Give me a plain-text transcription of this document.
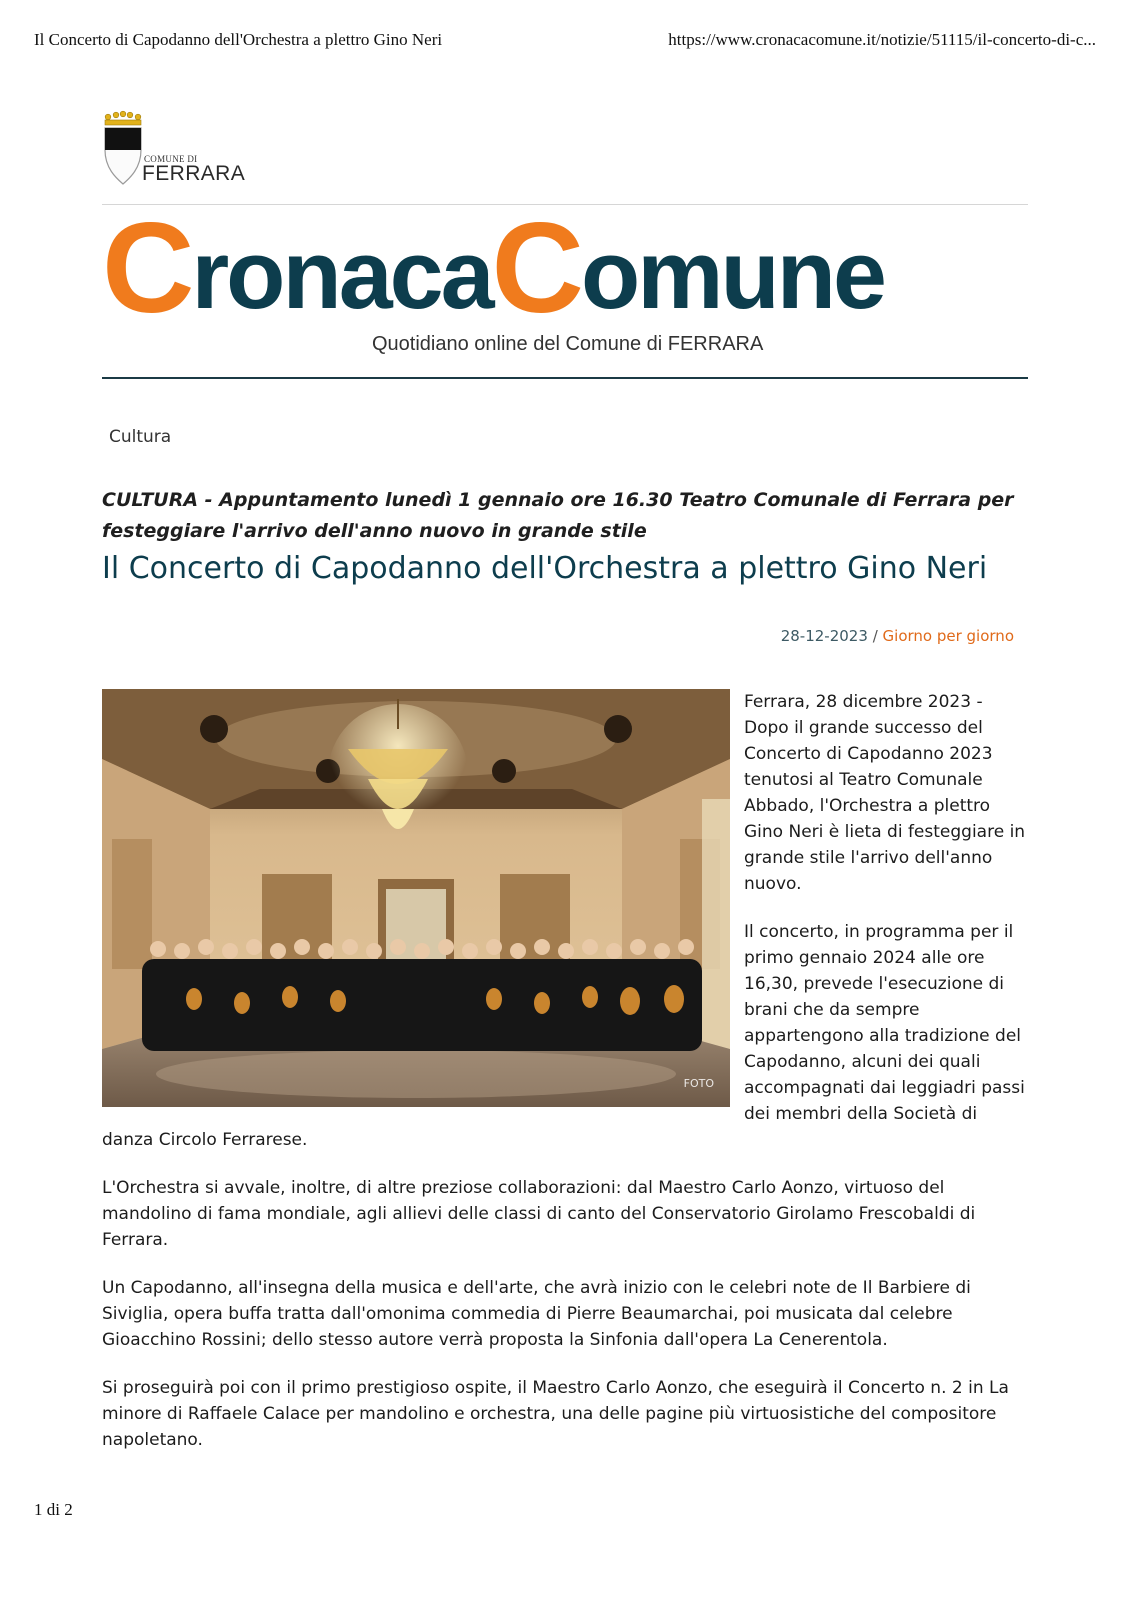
Il Concerto di Capodanno dell'Orchestra a plettro Gino Neri	https://www.cronacacomune.it/notizie/51115/il-concerto-di-c...
COMUNE DI
FERRARA
CronacaComune
Quotidiano online del Comune di FERRARA
Cultura
CULTURA - Appuntamento lunedì 1 gennaio ore 16.30 Teatro Comunale di Ferrara per festeggiare l'arrivo dell'anno nuovo in grande stile
Il Concerto di Capodanno dell'Orchestra a plettro Gino Neri
28-12-2023 / Giorno per giorno
FOTO

Ferrara, 28 dicembre 2023 - Dopo il grande successo del Concerto di Capodanno 2023 tenutosi al Teatro Comunale Abbado, l'Orchestra a plettro Gino Neri è lieta di festeggiare in grande stile l'arrivo dell'anno nuovo.

Il concerto, in programma per il primo gennaio 2024 alle ore 16,30, prevede l'esecuzione di brani che da sempre appartengono alla tradizione del Capodanno, alcuni dei quali accompagnati dai leggiadri passi dei membri della Società di danza Circolo Ferrarese.

L'Orchestra si avvale, inoltre, di altre preziose collaborazioni: dal Maestro Carlo Aonzo, virtuoso del mandolino di fama mondiale, agli allievi delle classi di canto del Conservatorio Girolamo Frescobaldi di Ferrara.

Un Capodanno, all'insegna della musica e dell'arte, che avrà inizio con le celebri note de Il Barbiere di Siviglia, opera buffa tratta dall'omonima commedia di Pierre Beaumarchai, poi musicata dal celebre Gioacchino Rossini; dello stesso autore verrà proposta la Sinfonia dall'opera La Cenerentola.

Si proseguirà poi con il primo prestigioso ospite, il Maestro Carlo Aonzo, che eseguirà il Concerto n. 2 in La minore di Raffaele Calace per mandolino e orchestra, una delle pagine più virtuosistiche del compositore napoletano.

1 di 2
